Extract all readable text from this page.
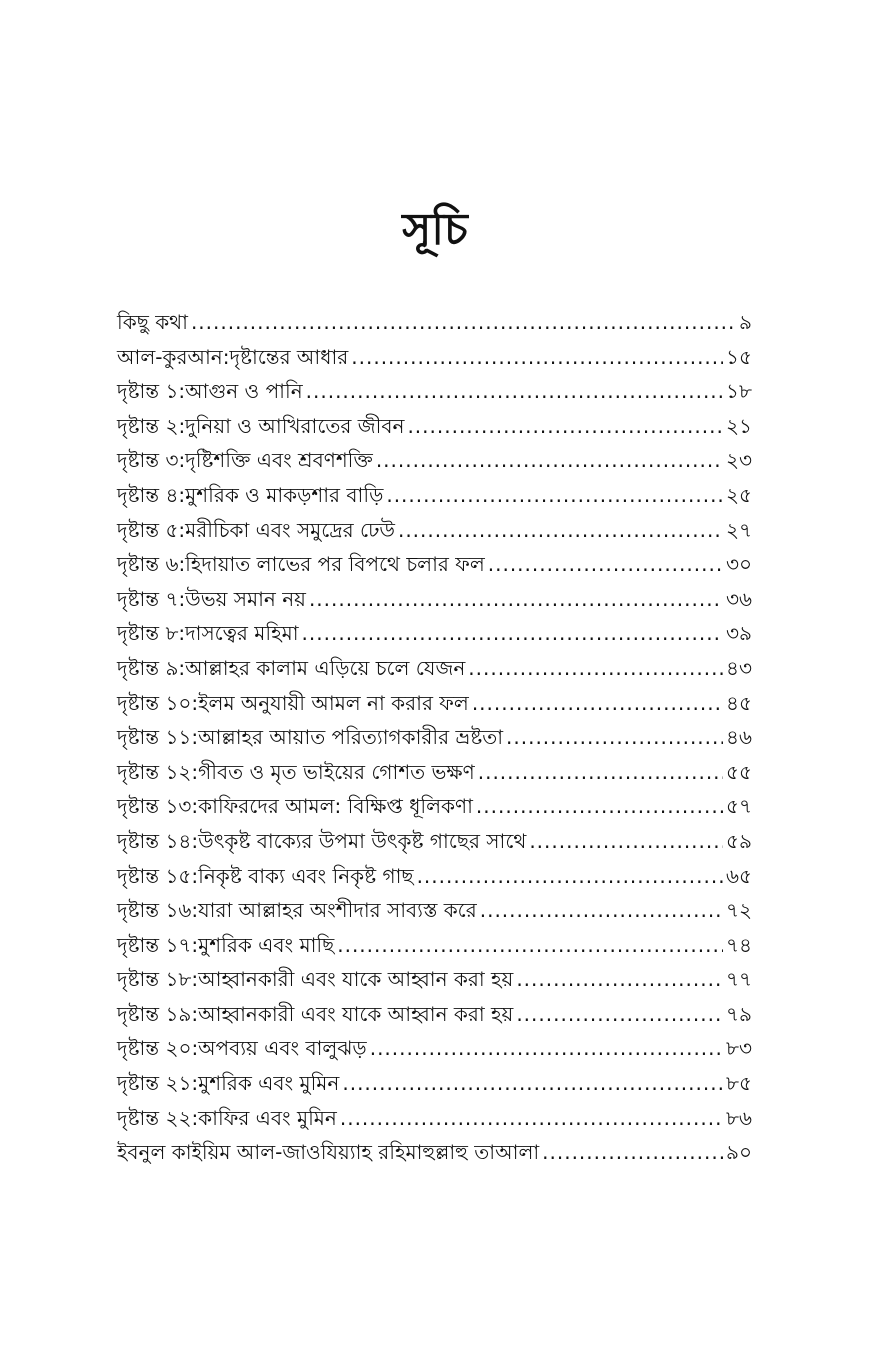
সূচি
কিছু কথা .....	৯
আল-কুরআন:দৃষ্টান্তের আধার .....	১৫
দৃষ্টান্ত ১:আগুন ও পানি .....	১৮
দৃষ্টান্ত ২:দুনিয়া ও আখিরাতের জীবন .....	২১
দৃষ্টান্ত ৩:দৃষ্টিশক্তি এবং শ্রবণশক্তি .....	২৩
দৃষ্টান্ত ৪:মুশরিক ও মাকড়শার বাড়ি .....	২৫
দৃষ্টান্ত ৫:মরীচিকা এবং সমুদ্রের ঢেউ .....	২৭
দৃষ্টান্ত ৬:হিদায়াত লাভের পর বিপথে চলার ফল .....	৩০
দৃষ্টান্ত ৭:উভয় সমান নয় .....	৩৬
দৃষ্টান্ত ৮:দাসত্বের মহিমা .....	৩৯
দৃষ্টান্ত ৯:আল্লাহর কালাম এড়িয়ে চলে যেজন .....	৪৩
দৃষ্টান্ত ১০:ইলম অনুযায়ী আমল না করার ফল .....	৪৫
দৃষ্টান্ত ১১:আল্লাহর আয়াত পরিত্যাগকারীর ভ্রষ্টতা .....	৪৬
দৃষ্টান্ত ১২:গীবত ও মৃত ভাইয়ের গোশত ভক্ষণ .....	৫৫
দৃষ্টান্ত ১৩:কাফিরদের আমল: বিক্ষিপ্ত ধূলিকণা .....	৫৭
দৃষ্টান্ত ১৪:উৎকৃষ্ট বাক্যের উপমা উৎকৃষ্ট গাছের সাথে .....	৫৯
দৃষ্টান্ত ১৫:নিকৃষ্ট বাক্য এবং নিকৃষ্ট গাছ .....	৬৫
দৃষ্টান্ত ১৬:যারা আল্লাহর অংশীদার সাব্যস্ত করে .....	৭২
দৃষ্টান্ত ১৭:মুশরিক এবং মাছি .....	৭৪
দৃষ্টান্ত ১৮:আহ্বানকারী এবং যাকে আহ্বান করা হয় .....	৭৭
দৃষ্টান্ত ১৯:আহ্বানকারী এবং যাকে আহ্বান করা হয় .....	৭৯
দৃষ্টান্ত ২০:অপব্যয় এবং বালুঝড় .....	৮৩
দৃষ্টান্ত ২১:মুশরিক এবং মুমিন .....	৮৫
দৃষ্টান্ত ২২:কাফির এবং মুমিন .....	৮৬
ইবনুল কাইয়িম আল-জাওযিয়্যাহ রহিমাহুল্লাহু তাআলা .....	৯০
